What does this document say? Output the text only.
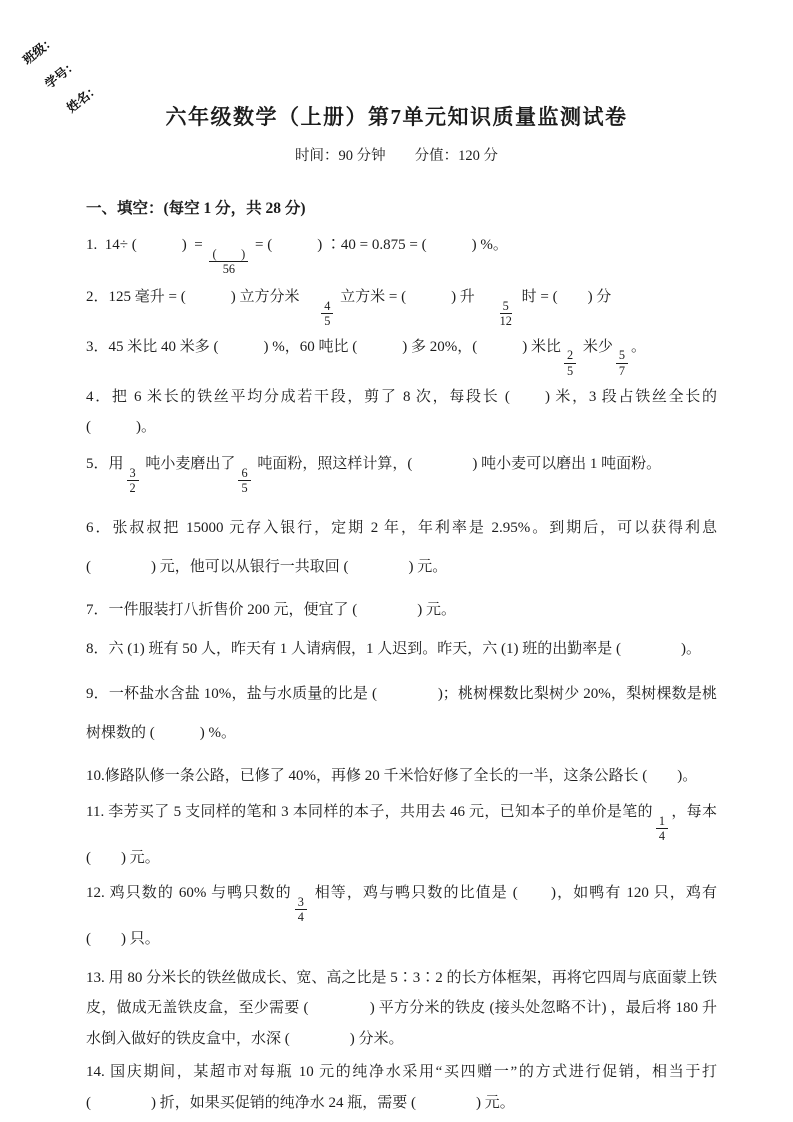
班级：
学号：
姓名：
六年级数学（上册）第7单元知识质量监测试卷
时间：90 分钟　　分值：120 分
一、填空：(每空 1 分，共 28 分)
1.  14÷ (　　　)  =
$\frac{( )}{56}$
= (　　　) ∶40 = 0.875 = (　　　) %。
2．125 毫升 = (　　　) 立方分米　
$\frac{4}{5}$
立方米 = (　　　) 升　
$\frac{5}{12}$
时 = (　　) 分
3．45 米比 40 米多 (　　　) %，60 吨比 (　　　) 多 20%，(　　　) 米比
$\frac{2}{5}$
米少
$\frac{5}{7}$
。
4．把 6 米长的铁丝平均分成若干段，剪了 8 次，每段长 (　　) 米，3 段占铁丝全长的 (　　　)。
5．用
$\frac{3}{2}$
吨小麦磨出了
$\frac{6}{5}$
吨面粉，照这样计算，(　　　　) 吨小麦可以磨出 1 吨面粉。
6．张叔叔把 15000 元存入银行，定期 2 年，年利率是 2.95%。到期后，可以获得利息 (　　　　) 元，他可以从银行一共取回 (　　　　) 元。
7．一件服装打八折售价 200 元，便宜了 (　　　　) 元。
8．六 (1) 班有 50 人，昨天有 1 人请病假，1 人迟到。昨天，六 (1) 班的出勤率是 (　　　　)。
9．一杯盐水含盐 10%，盐与水质量的比是 (　　　　)；桃树棵数比梨树少 20%，梨树棵数是桃树棵数的 (　　　) %。
10.修路队修一条公路，已修了 40%，再修 20 千米恰好修了全长的一半，这条公路长 (　　)。
11. 李芳买了 5 支同样的笔和 3 本同样的本子，共用去 46 元，已知本子的单价是笔的
$\frac{1}{4}$
，每本 (　　) 元。
12. 鸡只数的 60% 与鸭只数的
$\frac{3}{4}$
相等，鸡与鸭只数的比值是 (　　)，如鸭有 120 只，鸡有 (　　) 只。
13. 用 80 分米长的铁丝做成长、宽、高之比是 5∶3∶2 的长方体框架，再将它四周与底面蒙上铁皮，做成无盖铁皮盒，至少需要 (　　　　) 平方分米的铁皮 (接头处忽略不计) ，最后将 180 升水倒入做好的铁皮盒中，水深 (　　　　) 分米。
14. 国庆期间，某超市对每瓶 10 元的纯净水采用“买四赠一”的方式进行促销，相当于打 (　　　　) 折，如果买促销的纯净水 24 瓶，需要 (　　　　) 元。
